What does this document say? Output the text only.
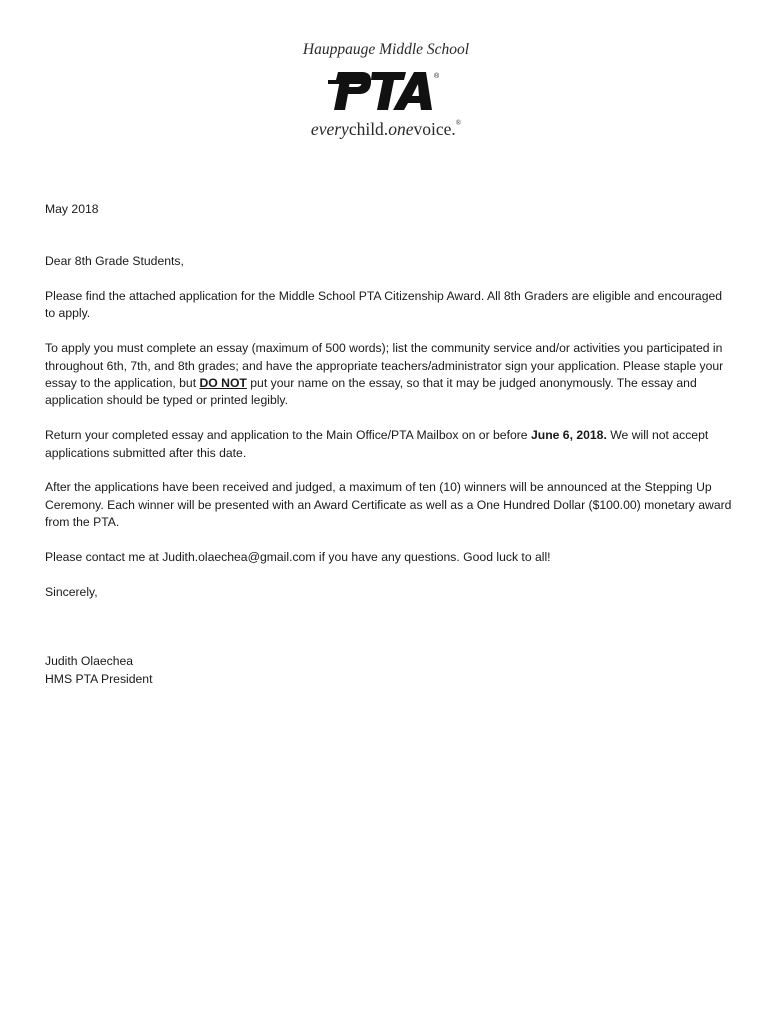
Hauppauge Middle School
®
everychild.onevoice.®

May 2018

Dear 8th Grade Students,

Please find the attached application for the Middle School PTA Citizenship Award. All 8th Graders are eligible and encouraged to apply.

To apply you must complete an essay (maximum of 500 words); list the community service and/or activities you participated in throughout 6th, 7th, and 8th grades; and have the appropriate teachers/administrator sign your application. Please staple your essay to the application, but DO NOT put your name on the essay, so that it may be judged anonymously. The essay and application should be typed or printed legibly.

Return your completed essay and application to the Main Office/PTA Mailbox on or before June 6, 2018. We will not accept applications submitted after this date.

After the applications have been received and judged, a maximum of ten (10) winners will be announced at the Stepping Up Ceremony. Each winner will be presented with an Award Certificate as well as a One Hundred Dollar ($100.00) monetary award from the PTA.

Please contact me at Judith.olaechea@gmail.com if you have any questions. Good luck to all!

Sincerely,

Judith Olaechea

HMS PTA President
